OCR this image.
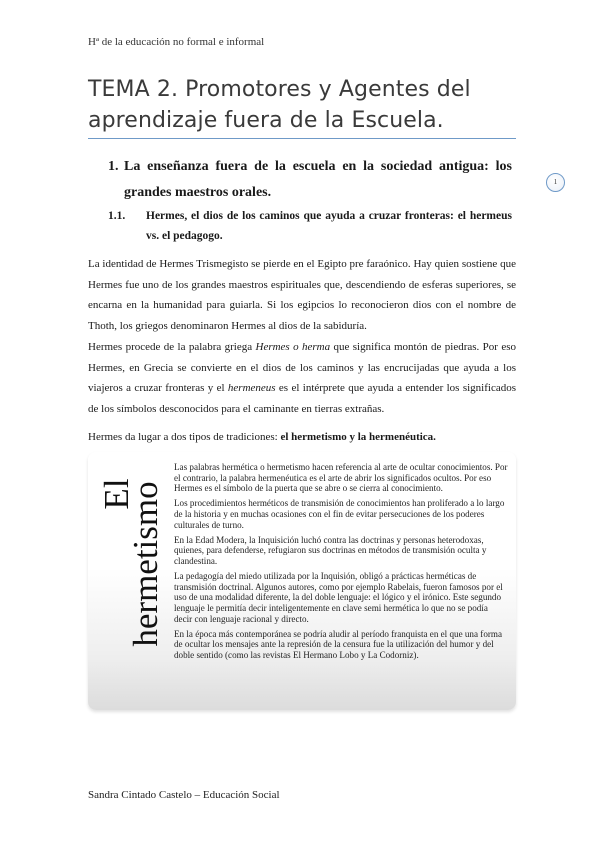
Hª de la educación no formal e informal
TEMA 2. Promotores y Agentes del aprendizaje fuera de la Escuela.
1
1. La enseñanza fuera de la escuela en la sociedad antigua: los grandes maestros orales.
1.1.	Hermes, el dios de los caminos que ayuda a cruzar fronteras: el hermeus vs. el pedagogo.

La identidad de Hermes Trismegisto se pierde en el Egipto pre faraónico. Hay quien sostiene que Hermes fue uno de los grandes maestros espirituales que, descendiendo de esferas superiores, se encarna en la humanidad para guiarla. Si los egipcios lo reconocieron dios con el nombre de Thoth, los griegos denominaron Hermes al dios de la sabiduría.

Hermes procede de la palabra griega Hermes o herma que significa montón de piedras. Por eso Hermes, en Grecia se convierte en el dios de los caminos y las encrucijadas que ayuda a los viajeros a cruzar fronteras y el hermeneus es el intérprete que ayuda a entender los significados de los símbolos desconocidos para el caminante en tierras extrañas.

Hermes da lugar a dos tipos de tradiciones: el hermetismo y la hermenéutica.

El
hermetismo

Las palabras hermética o hermetismo hacen referencia al arte de ocultar conocimientos. Por el contrario, la palabra hermenéutica es el arte de abrir los significados ocultos. Por eso Hermes es el símbolo de la puerta que se abre o se cierra al conocimiento.

Los procedimientos herméticos de transmisión de conocimientos han proliferado a lo largo de la historia y en muchas ocasiones con el fin de evitar persecuciones de los poderes culturales de turno.

En la Edad Modera, la Inquisición luchó contra las doctrinas y personas heterodoxas, quienes, para defenderse, refugiaron sus doctrinas en métodos de transmisión oculta y clandestina.

La pedagogía del miedo utilizada por la Inquisión, obligó a prácticas herméticas de transmisión doctrinal. Algunos autores, como por ejemplo Rabelais, fueron famosos por el uso de una modalidad diferente, la del doble lenguaje: el lógico y el irónico. Este segundo lenguaje le permitía decir inteligentemente en clave semi hermética lo que no se podía decir con lenguaje racional y directo.

En la época más contemporánea se podría aludir al período franquista en el que una forma de ocultar los mensajes ante la represión de la censura fue la utilización del humor y del doble sentido (como las revistas El Hermano Lobo y La Codorniz).

Sandra Cintado Castelo – Educación Social
